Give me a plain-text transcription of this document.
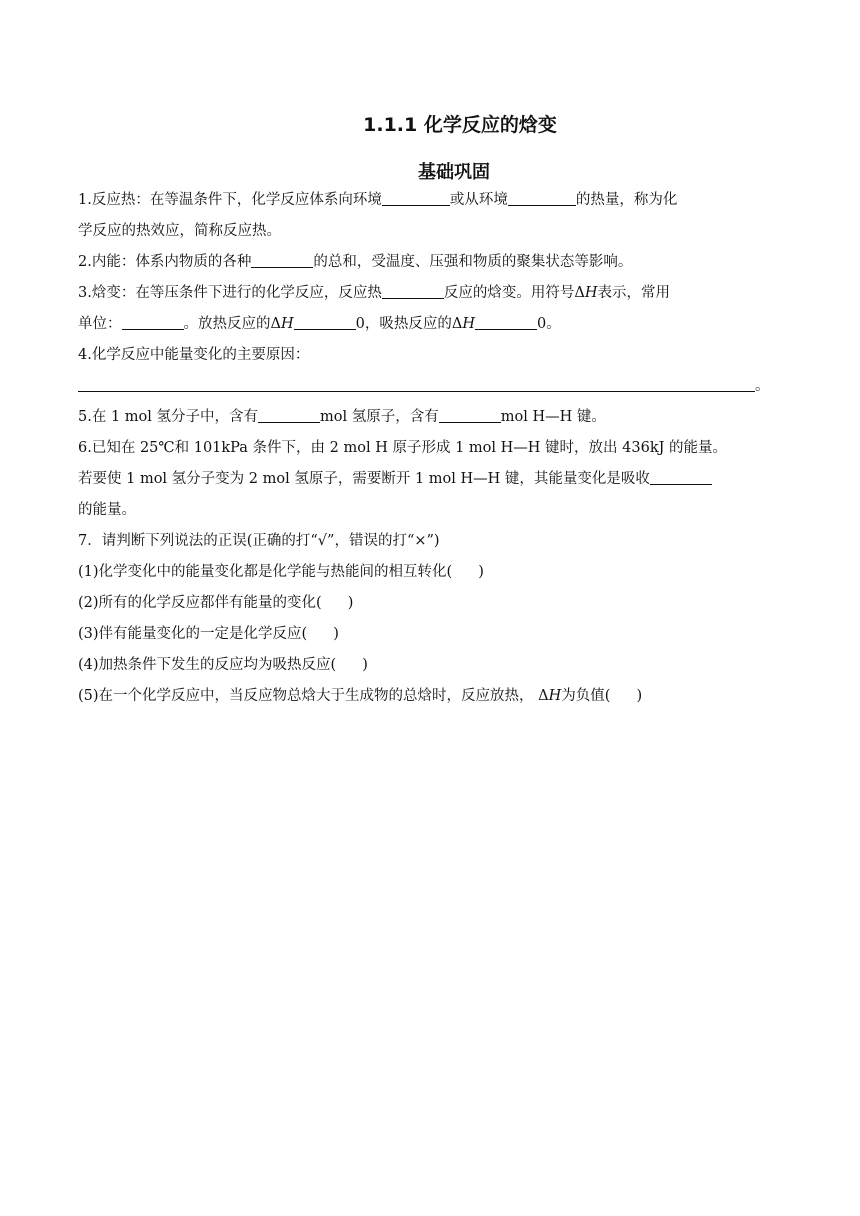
1.1.1 化学反应的焓变
基础巩固
1.反应热：在等温条件下，化学反应体系向环境	或从环境	的热量，称为化
学反应的热效应，简称反应热。
2.内能：体系内物质的各种	的总和，受温度、压强和物质的聚集状态等影响。
3.焓变：在等压条件下进行的化学反应，反应热	反应的焓变。用符号ΔH表示，常用
单位：	。放热反应的ΔH	0，吸热反应的ΔH	0。
4.化学反应中能量变化的主要原因：
。
5.在 1 mol 氢分子中，含有	mol 氢原子，含有	mol H—H 键。
6.已知在 25℃和 101kPa 条件下，由 2 mol H 原子形成 1 mol H—H 键时，放出 436kJ 的能量。
若要使 1 mol 氢分子变为 2 mol 氢原子，需要断开 1 mol H—H 键，其能量变化是吸收
的能量。
7．请判断下列说法的正误(正确的打“√”，错误的打“×”)
(1)化学变化中的能量变化都是化学能与热能间的相互转化( )
(2)所有的化学反应都伴有能量的变化( )
(3)伴有能量变化的一定是化学反应( )
(4)加热条件下发生的反应均为吸热反应( )
(5)在一个化学反应中，当反应物总焓大于生成物的总焓时，反应放热， ΔH为负值( )
